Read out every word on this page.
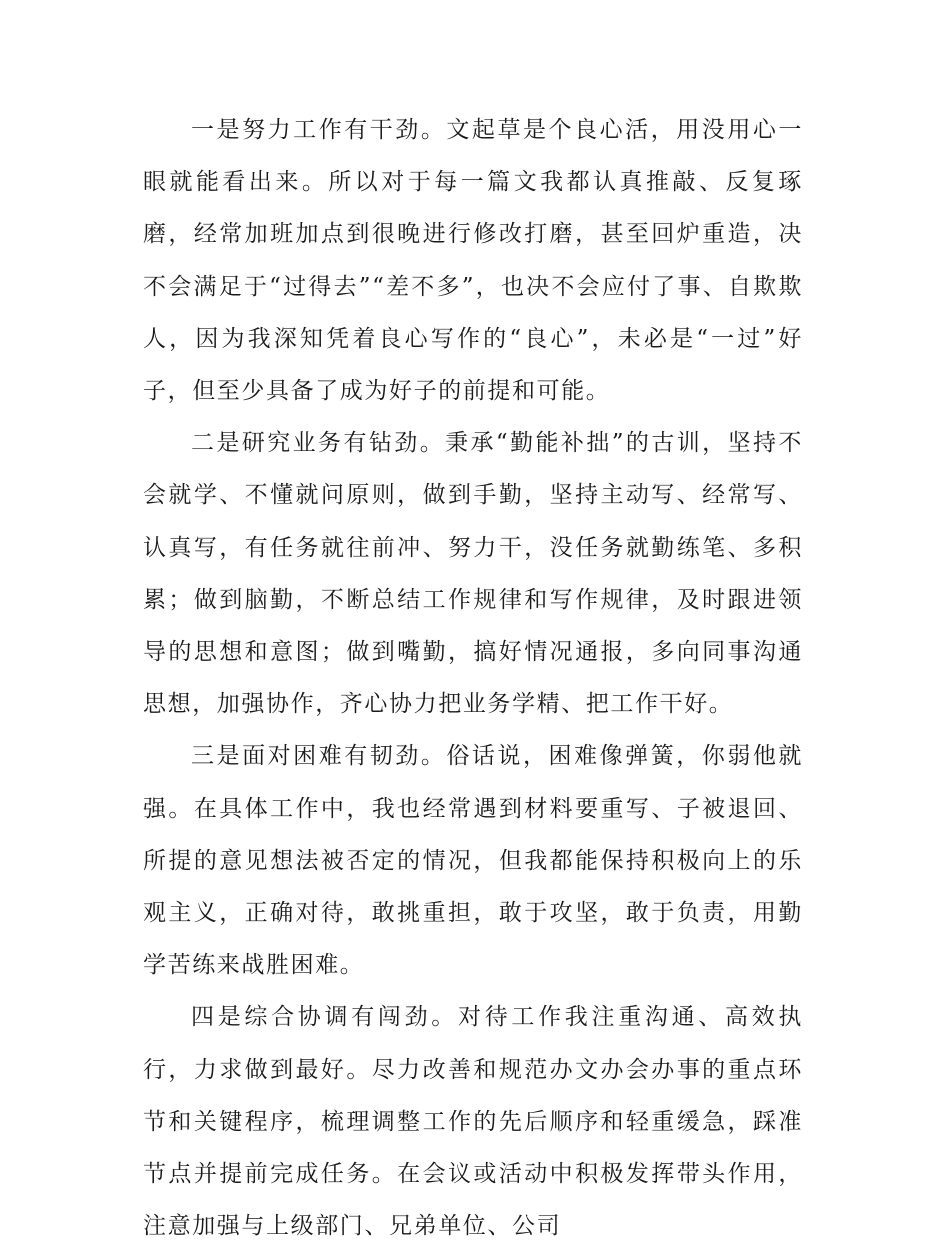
一是努力工作有干劲。文起草是个良心活，用没用心一眼就能看出来。所以对于每一篇文我都认真推敲、反复琢磨，经常加班加点到很晚进行修改打磨，甚至回炉重造，决不会满足于“过得去”“差不多”，也决不会应付了事、自欺欺人，因为我深知凭着良心写作的“良心”，未必是“一过”好子，但至少具备了成为好子的前提和可能。

二是研究业务有钻劲。秉承“勤能补拙”的古训，坚持不会就学、不懂就问原则，做到手勤，坚持主动写、经常写、认真写，有任务就往前冲、努力干，没任务就勤练笔、多积累；做到脑勤，不断总结工作规律和写作规律，及时跟进领导的思想和意图；做到嘴勤，搞好情况通报，多向同事沟通思想，加强协作，齐心协力把业务学精、把工作干好。

三是面对困难有韧劲。俗话说，困难像弹簧，你弱他就强。在具体工作中，我也经常遇到材料要重写、子被退回、所提的意见想法被否定的情况，但我都能保持积极向上的乐观主义，正确对待，敢挑重担，敢于攻坚，敢于负责，用勤学苦练来战胜困难。

四是综合协调有闯劲。对待工作我注重沟通、高效执行，力求做到最好。尽力改善和规范办文办会办事的重点环节和关键程序，梳理调整工作的先后顺序和轻重缓急，踩准节点并提前完成任务。在会议或活动中积极发挥带头作用，注意加强与上级部门、兄弟单位、公司
